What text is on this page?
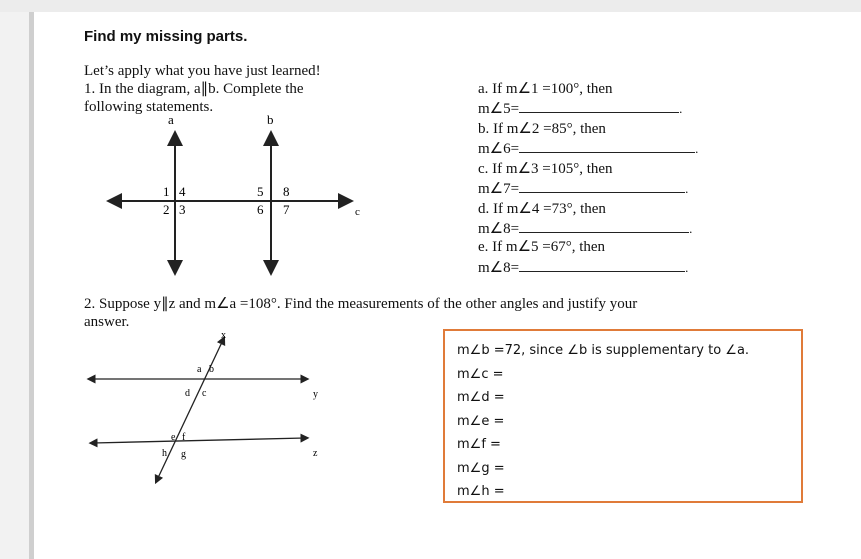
Find my missing parts.
Let’s apply what you have just learned!
1. In the diagram, a∥b. Complete the
following statements.
a	b
c
1 4
2 3
5 8
6 7
a. If m∠1 =100°, then
m∠5=	.
b. If m∠2 =85°, then
m∠6=	.
c. If m∠3 =105°, then
m∠7=	.
d. If m∠4 =73°, then
m∠8=	.
e. If m∠5 =67°, then
m∠8=	.
2. Suppose y∥z and m∠a =108°. Find the measurements of the other angles and justify your
answer.
x
y
z
a b
d c
e f
h g
m∠b =72, since ∠b is supplementary to ∠a.
m∠c =
m∠d =
m∠e =
m∠f =
m∠g =
m∠h =
